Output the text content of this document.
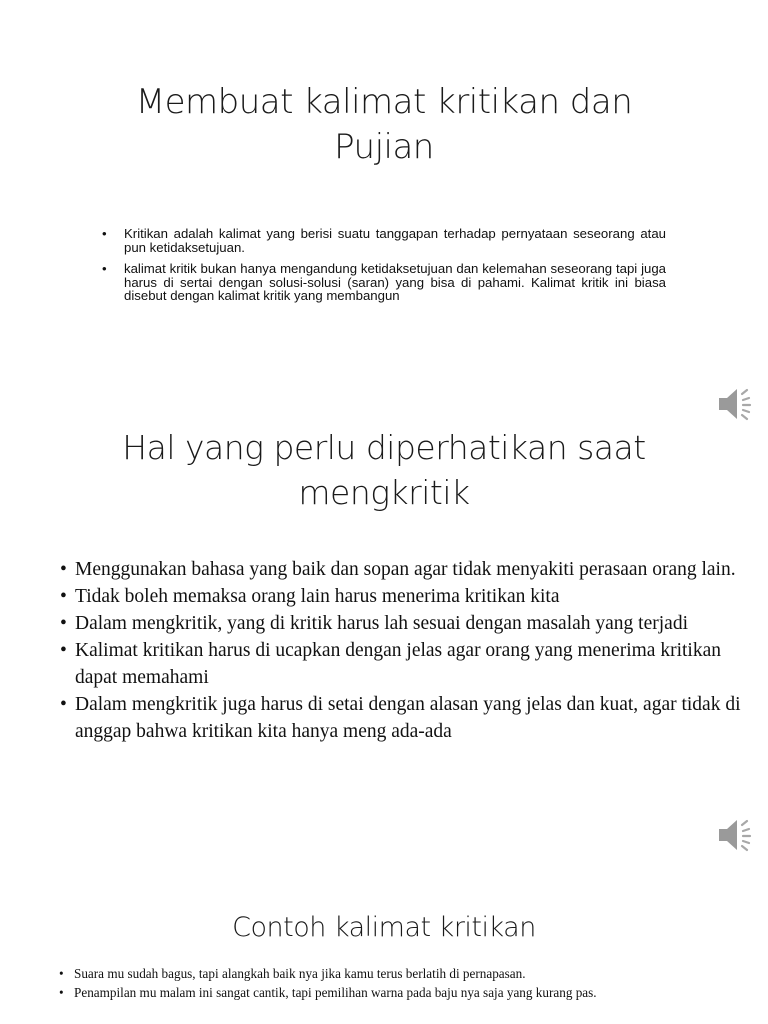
Membuat kalimat kritikan dan
Pujian
• Kritikan adalah kalimat yang berisi suatu tanggapan terhadap pernyataan seseorang atau pun ketidaksetujuan.
• kalimat kritik bukan hanya mengandung ketidaksetujuan dan kelemahan seseorang tapi juga harus di sertai dengan solusi-solusi (saran) yang bisa di pahami. Kalimat kritik ini biasa disebut dengan kalimat kritik yang membangun
Hal yang perlu diperhatikan saat
mengkritik
• Menggunakan bahasa yang baik dan sopan agar tidak menyakiti perasaan orang lain.
• Tidak boleh memaksa orang lain harus menerima kritikan kita
• Dalam mengkritik, yang di kritik harus lah sesuai dengan masalah yang terjadi
• Kalimat kritikan harus di ucapkan dengan jelas agar orang yang menerima kritikan dapat memahami
• Dalam mengkritik juga harus di setai dengan alasan yang jelas dan kuat, agar tidak di anggap bahwa kritikan kita hanya meng ada-ada
Contoh kalimat kritikan
• Suara mu sudah bagus, tapi alangkah baik nya jika kamu terus berlatih di pernapasan.
• Penampilan mu malam ini sangat cantik, tapi pemilihan warna pada baju nya saja yang kurang pas.
